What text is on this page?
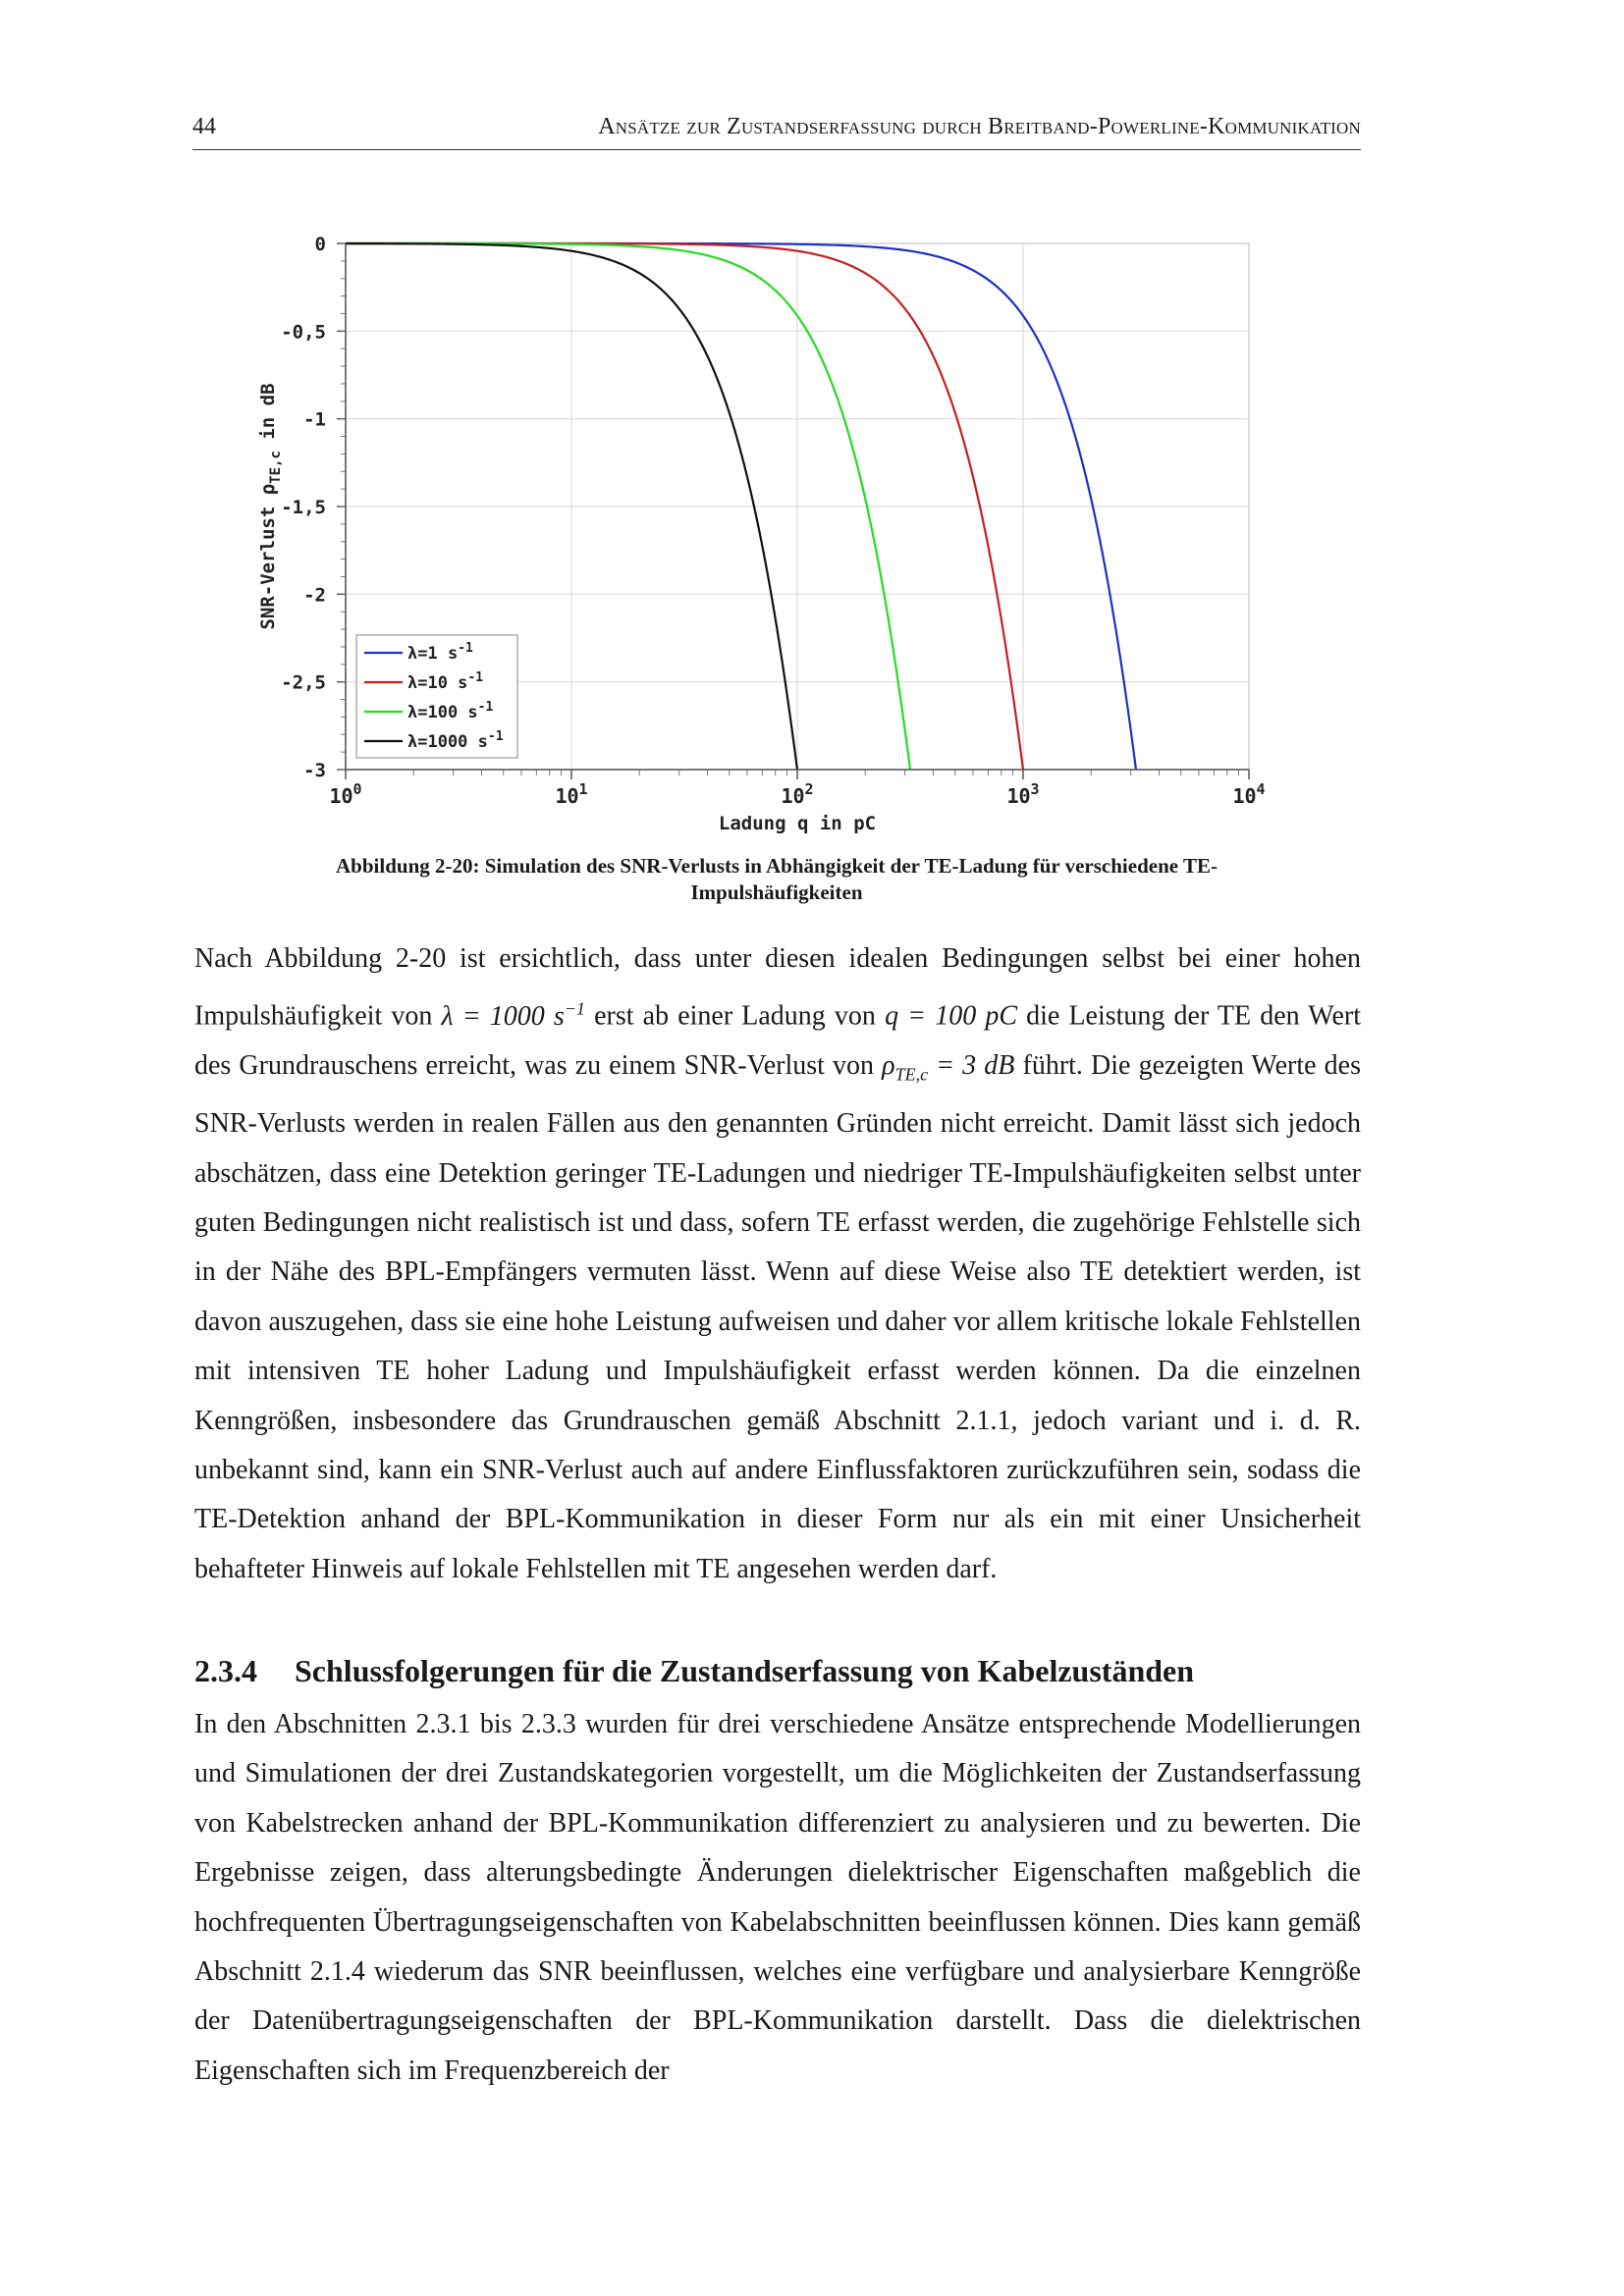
44	Ansätze zur Zustandserfassung durch Breitband-Powerline-Kommunikation
0
-0,5
-1
-1,5
-2
-2,5
-3
$10^0$	$10^1$	$10^2$	$10^3$	$10^4$
Ladung q in pC
SNR-Verlust $\rho_{TE,c}$ in dB
λ=1 $s^{-1}$
λ=10 $s^{-1}$
λ=100 $s^{-1}$
λ=1000 $s^{-1}$
Abbildung 2-20: Simulation des SNR-Verlusts in Abhängigkeit der TE-Ladung für verschiedene TE-
Impulshäufigkeiten

Nach Abbildung 2-20 ist ersichtlich, dass unter diesen idealen Bedingungen selbst bei einer hohen Impulshäufigkeit von λ = 1000 $s^{-1}$ erst ab einer Ladung von q = 100 pC die Leistung der TE den Wert des Grundrauschens erreicht, was zu einem SNR-Verlust von $\rho_{TE,c} = 3$ dB führt. Die gezeigten Werte des SNR-Verlusts werden in realen Fällen aus den genannten Gründen nicht erreicht. Damit lässt sich jedoch abschätzen, dass eine Detektion geringer TE-Ladungen und niedriger TE-Impulshäufigkeiten selbst unter guten Bedingungen nicht realistisch ist und dass, sofern TE erfasst werden, die zugehörige Fehlstelle sich in der Nähe des BPL-Empfängers vermuten lässt. Wenn auf diese Weise also TE detektiert werden, ist davon auszugehen, dass sie eine hohe Leistung aufweisen und daher vor allem kritische lokale Fehlstellen mit intensiven TE hoher Ladung und Impulshäufigkeit erfasst werden können. Da die einzelnen Kenngrößen, insbesondere das Grundrauschen gemäß Abschnitt 2.1.1, jedoch variant und i. d. R. unbekannt sind, kann ein SNR-Verlust auch auf andere Einflussfaktoren zurückzuführen sein, sodass die TE-Detektion anhand der BPL-Kommunikation in dieser Form nur als ein mit einer Unsicherheit behafteter Hinweis auf lokale Fehlstellen mit TE angesehen werden darf.

2.3.4 Schlussfolgerungen für die Zustandserfassung von Kabelzuständen

In den Abschnitten 2.3.1 bis 2.3.3 wurden für drei verschiedene Ansätze entsprechende Modellierungen und Simulationen der drei Zustandskategorien vorgestellt, um die Möglichkeiten der Zustandserfassung von Kabelstrecken anhand der BPL-Kommunikation differenziert zu analysieren und zu bewerten. Die Ergebnisse zeigen, dass alterungsbedingte Änderungen dielektrischer Eigenschaften maßgeblich die hochfrequenten Übertragungseigenschaften von Kabelabschnitten beeinflussen können. Dies kann gemäß Abschnitt 2.1.4 wiederum das SNR beeinflussen, welches eine verfügbare und analysierbare Kenngröße der Datenübertragungseigenschaften der BPL-Kommunikation darstellt. Dass die dielektrischen Eigenschaften sich im Frequenzbereich der
